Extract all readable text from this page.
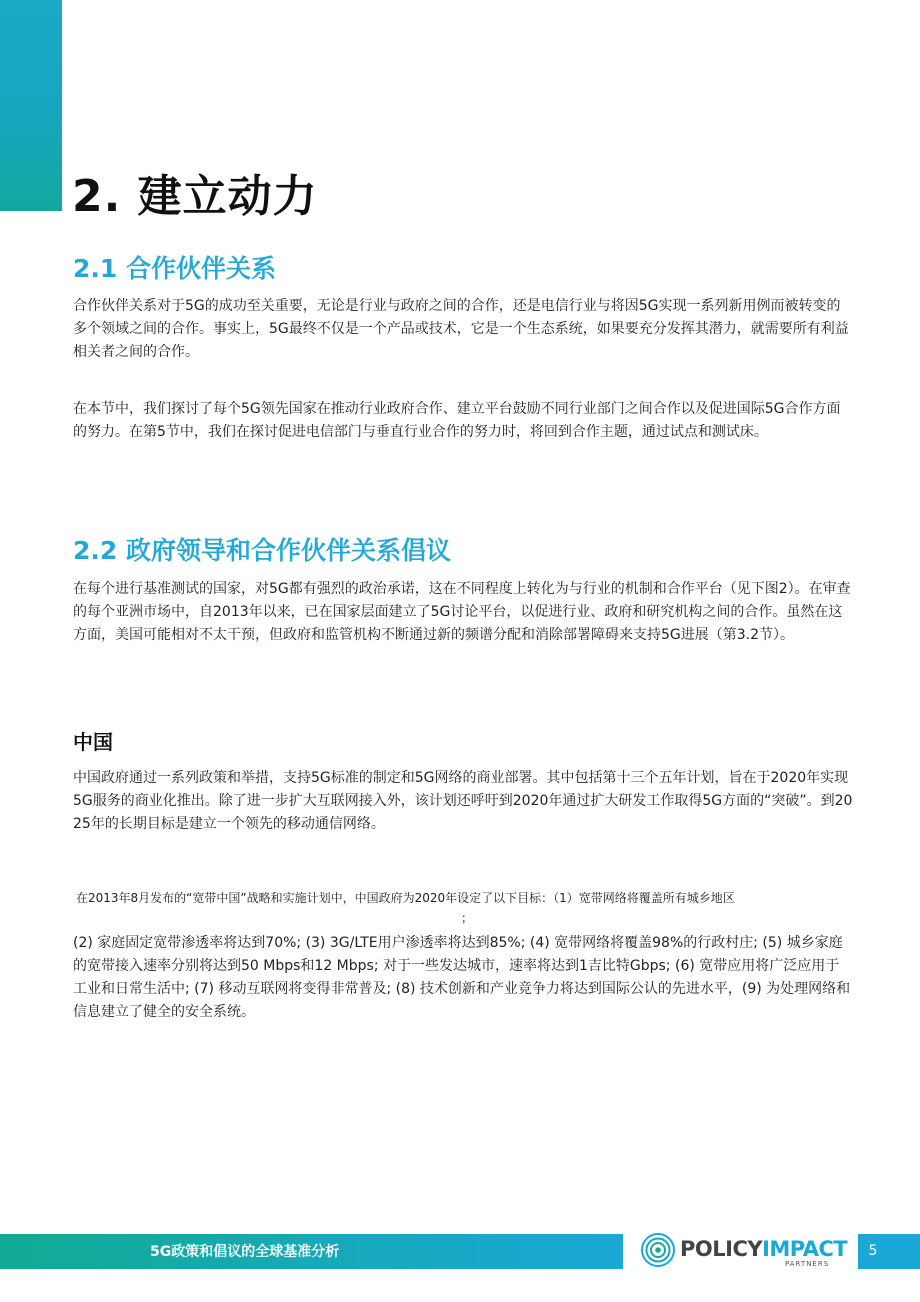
2. 建立动力
2.1 合作伙伴关系

合作伙伴关系对于5G的成功至关重要，无论是行业与政府之间的合作，还是电信行业与将因5G实现一系列新用例而被转变的多个领域之间的合作。事实上，5G最终不仅是一个产品或技术，它是一个生态系统，如果要充分发挥其潜力，就需要所有利益相关者之间的合作。

在本节中，我们探讨了每个5G领先国家在推动行业政府合作、建立平台鼓励不同行业部门之间合作以及促进国际5G合作方面的努力。在第5节中，我们在探讨促进电信部门与垂直行业合作的努力时，将回到合作主题，通过试点和测试床。

2.2 政府领导和合作伙伴关系倡议

在每个进行基准测试的国家，对5G都有强烈的政治承诺，这在不同程度上转化为与行业的机制和合作平台（见下图2）。在审查的每个亚洲市场中，自2013年以来，已在国家层面建立了5G讨论平台，以促进行业、政府和研究机构之间的合作。虽然在这方面，美国可能相对不太干预，但政府和监管机构不断通过新的频谱分配和消除部署障碍来支持5G进展（第3.2节）。

中国

中国政府通过一系列政策和举措，支持5G标准的制定和5G网络的商业部署。其中包括第十三个五年计划，旨在于2020年实现5G服务的商业化推出。除了进一步扩大互联网接入外，该计划还呼吁到2020年通过扩大研发工作取得5G方面的“突破”。到2025年的长期目标是建立一个领先的移动通信网络。

在2013年8月发布的“宽带中国”战略和实施计划中，中国政府为2020年设定了以下目标：（1）宽带网络将覆盖所有城乡地区
；

(2) 家庭固定宽带渗透率将达到70%; (3) 3G/LTE用户渗透率将达到85%; (4) 宽带网络将覆盖98%的行政村庄; (5) 城乡家庭的宽带接入速率分别将达到50 Mbps和12 Mbps; 对于一些发达城市，速率将达到1吉比特Gbps; (6) 宽带应用将广泛应用于工业和日常生活中; (7) 移动互联网将变得非常普及; (8) 技术创新和产业竞争力将达到国际公认的先进水平，(9) 为处理网络和信息建立了健全的安全系统。

5G政策和倡议的全球基准分析	POLICYIMPACT

PARTNERS

5
